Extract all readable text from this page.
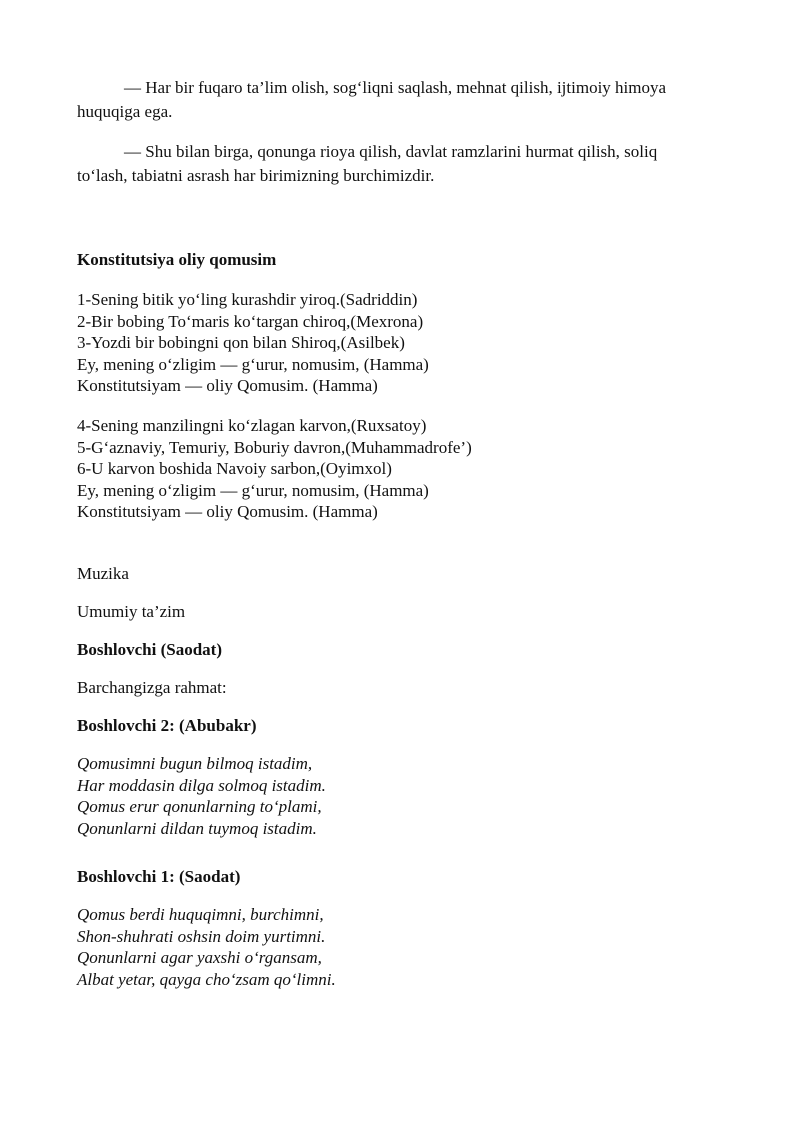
— Har bir fuqaro ta’lim olish, sog‘liqni saqlash, mehnat qilish, ijtimoiy himoya
huquqiga ega.
— Shu bilan birga, qonunga rioya qilish, davlat ramzlarini hurmat qilish, soliq
to‘lash, tabiatni asrash har birimizning burchimizdir.
Konstitutsiya oliy qomusim
1-Sening bitik yo‘ling kurashdir yiroq.(Sadriddin)
2-Bir bobing To‘maris ko‘targan chiroq,(Mexrona)
3-Yozdi bir bobingni qon bilan Shiroq,(Asilbek)
Ey, mening o‘zligim — g‘urur, nomusim, (Hamma)
Konstitutsiyam — oliy Qomusim. (Hamma)
4-Sening manzilingni ko‘zlagan karvon,(Ruxsatoy)
5-G‘aznaviy, Temuriy, Boburiy davron,(Muhammadrofe’)
6-U karvon boshida Navoiy sarbon,(Oyimxol)
Ey, mening o‘zligim — g‘urur, nomusim, (Hamma)
Konstitutsiyam — oliy Qomusim. (Hamma)
Muzika
Umumiy ta’zim
Boshlovchi (Saodat)
Barchangizga rahmat:
Boshlovchi 2: (Abubakr)
Qomusimni bugun bilmoq istadim,
Har moddasin dilga solmoq istadim.
Qomus erur qonunlarning to‘plami,
Qonunlarni dildan tuymoq istadim.
Boshlovchi 1: (Saodat)
Qomus berdi huquqimni, burchimni,
Shon-shuhrati oshsin doim yurtimni.
Qonunlarni agar yaxshi o‘rgansam,
Albat yetar, qayga cho‘zsam qo‘limni.
